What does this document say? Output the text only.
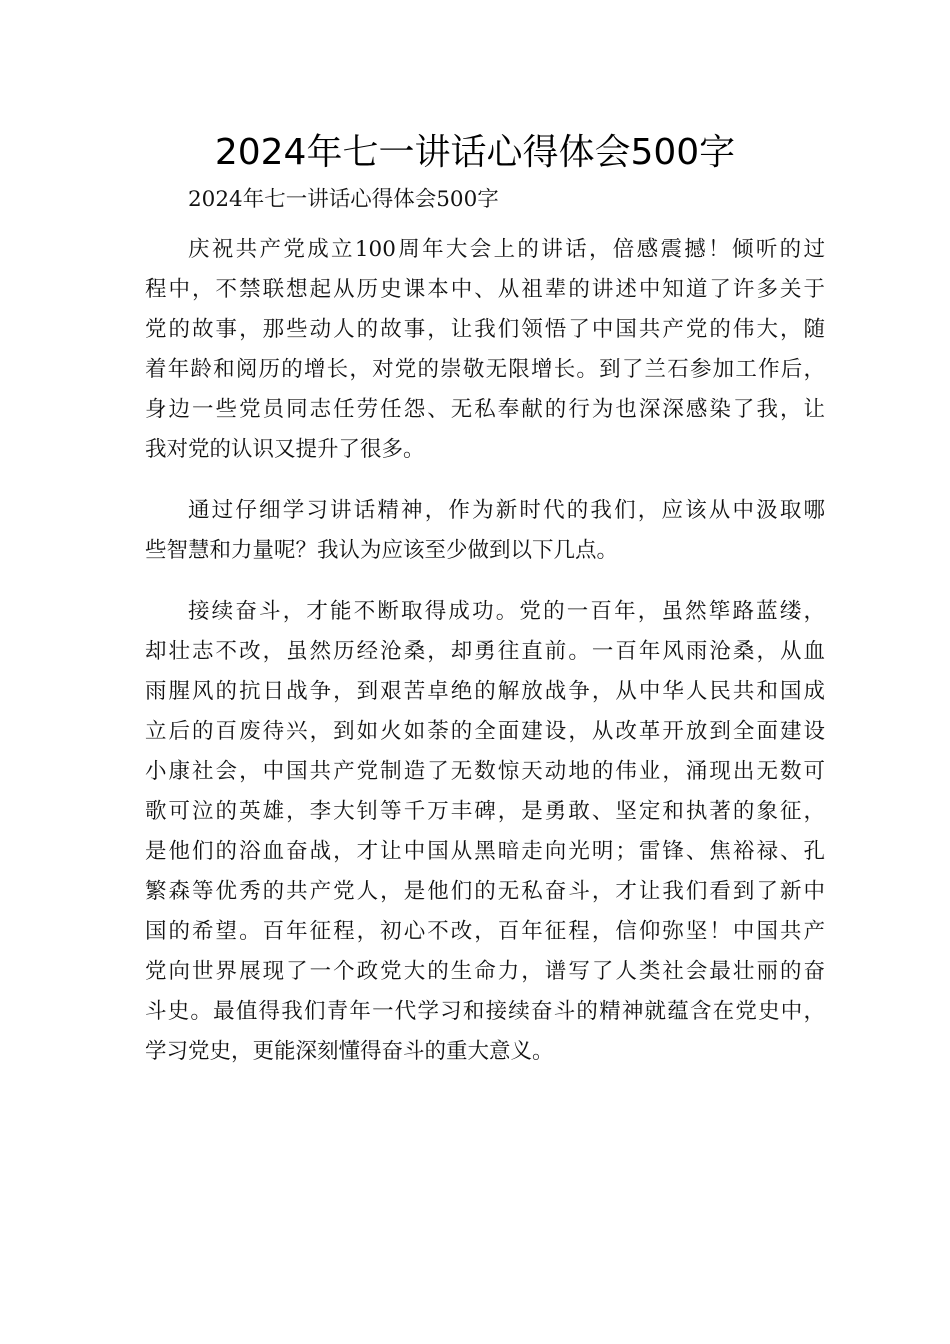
2024年七一讲话心得体会500字

2024年七一讲话心得体会500字

庆祝共产党成立100周年大会上的讲话，倍感震撼！倾听的过
程中，不禁联想起从历史课本中、从祖辈的讲述中知道了许多关于
党的故事，那些动人的故事，让我们领悟了中国共产党的伟大，随
着年龄和阅历的增长，对党的崇敬无限增长。到了兰石参加工作后，
身边一些党员同志任劳任怨、无私奉献的行为也深深感染了我，让
我对党的认识又提升了很多。

通过仔细学习讲话精神，作为新时代的我们，应该从中汲取哪
些智慧和力量呢？我认为应该至少做到以下几点。

接续奋斗，才能不断取得成功。党的一百年，虽然筚路蓝缕，
却壮志不改，虽然历经沧桑，却勇往直前。一百年风雨沧桑，从血
雨腥风的抗日战争，到艰苦卓绝的解放战争，从中华人民共和国成
立后的百废待兴，到如火如荼的全面建设，从改革开放到全面建设
小康社会，中国共产党制造了无数惊天动地的伟业，涌现出无数可
歌可泣的英雄，李大钊等千万丰碑，是勇敢、坚定和执著的象征，
是他们的浴血奋战，才让中国从黑暗走向光明；雷锋、焦裕禄、孔
繁森等优秀的共产党人，是他们的无私奋斗，才让我们看到了新中
国的希望。百年征程，初心不改，百年征程，信仰弥坚！中国共产
党向世界展现了一个政党大的生命力，谱写了人类社会最壮丽的奋
斗史。最值得我们青年一代学习和接续奋斗的精神就蕴含在党史中，
学习党史，更能深刻懂得奋斗的重大意义。
